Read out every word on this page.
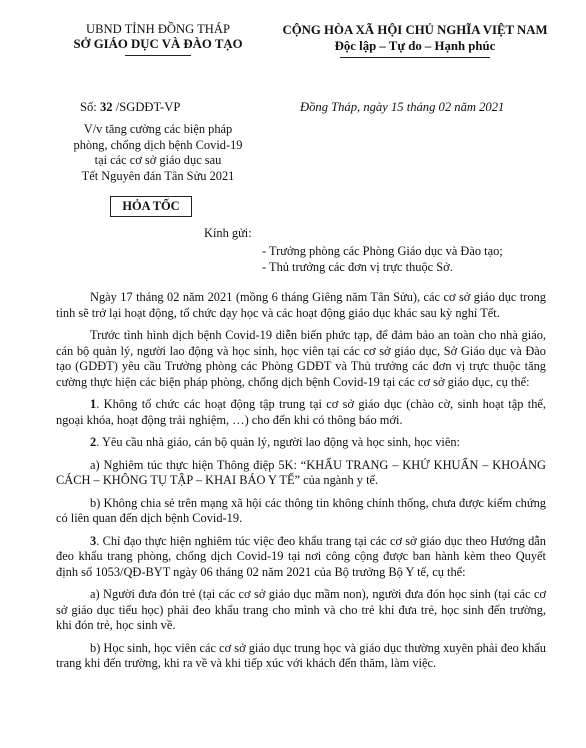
UBND TỈNH ĐỒNG THÁP
SỞ GIÁO DỤC VÀ ĐÀO TẠO
CỘNG HÒA XÃ HỘI CHỦ NGHĨA VIỆT NAM
Độc lập – Tự do – Hạnh phúc
Số: 32 /SGDĐT-VP	Đồng Tháp, ngày 15 tháng 02 năm 2021
V/v tăng cường các biện pháp
phòng, chống dịch bệnh Covid-19
tại các cơ sở giáo dục sau
Tết Nguyên đán Tân Sửu 2021
HỎA TỐC
Kính gửi:
- Trưởng phòng các Phòng Giáo dục và Đào tạo;
- Thủ trưởng các đơn vị trực thuộc Sở.

Ngày 17 tháng 02 năm 2021 (mồng 6 tháng Giêng năm Tân Sửu), các cơ sở giáo dục trong tỉnh sẽ trở lại hoạt động, tổ chức dạy học và các hoạt động giáo dục khác sau kỳ nghỉ Tết.

Trước tình hình dịch bệnh Covid-19 diễn biến phức tạp, để đảm bảo an toàn cho nhà giáo, cán bộ quản lý, người lao động và học sinh, học viên tại các cơ sở giáo dục, Sở Giáo dục và Đào tạo (GDĐT) yêu cầu Trưởng phòng các Phòng GDĐT và Thủ trưởng các đơn vị trực thuộc tăng cường thực hiện các biện pháp phòng, chống dịch bệnh Covid-19 tại các cơ sở giáo dục, cụ thể:

1. Không tổ chức các hoạt động tập trung tại cơ sở giáo dục (chào cờ, sinh hoạt tập thể, ngoại khóa, hoạt động trải nghiệm, …) cho đến khi có thông báo mới.

2. Yêu cầu nhà giáo, cán bộ quản lý, người lao động và học sinh, học viên:

a) Nghiêm túc thực hiện Thông điệp 5K: “KHẨU TRANG – KHỬ KHUẨN – KHOẢNG CÁCH – KHÔNG TỤ TẬP – KHAI BÁO Y TẾ” của ngành y tế.

b) Không chia sẻ trên mạng xã hội các thông tin không chính thống, chưa được kiểm chứng có liên quan đến dịch bệnh Covid-19.

3. Chỉ đạo thực hiện nghiêm túc việc đeo khẩu trang tại các cơ sở giáo dục theo Hướng dẫn đeo khẩu trang phòng, chống dịch Covid-19 tại nơi công cộng được ban hành kèm theo Quyết định số 1053/QĐ-BYT ngày 06 tháng 02 năm 2021 của Bộ trưởng Bộ Y tế, cụ thể:

a) Người đưa đón trẻ (tại các cơ sở giáo dục mầm non), người đưa đón học sinh (tại các cơ sở giáo dục tiểu học) phải đeo khẩu trang cho mình và cho trẻ khi đưa trẻ, học sinh đến trường, khi đón trẻ, học sinh về.

b) Học sinh, học viên các cơ sở giáo dục trung học và giáo dục thường xuyên phải đeo khẩu trang khi đến trường, khi ra về và khi tiếp xúc với khách đến thăm, làm việc.
